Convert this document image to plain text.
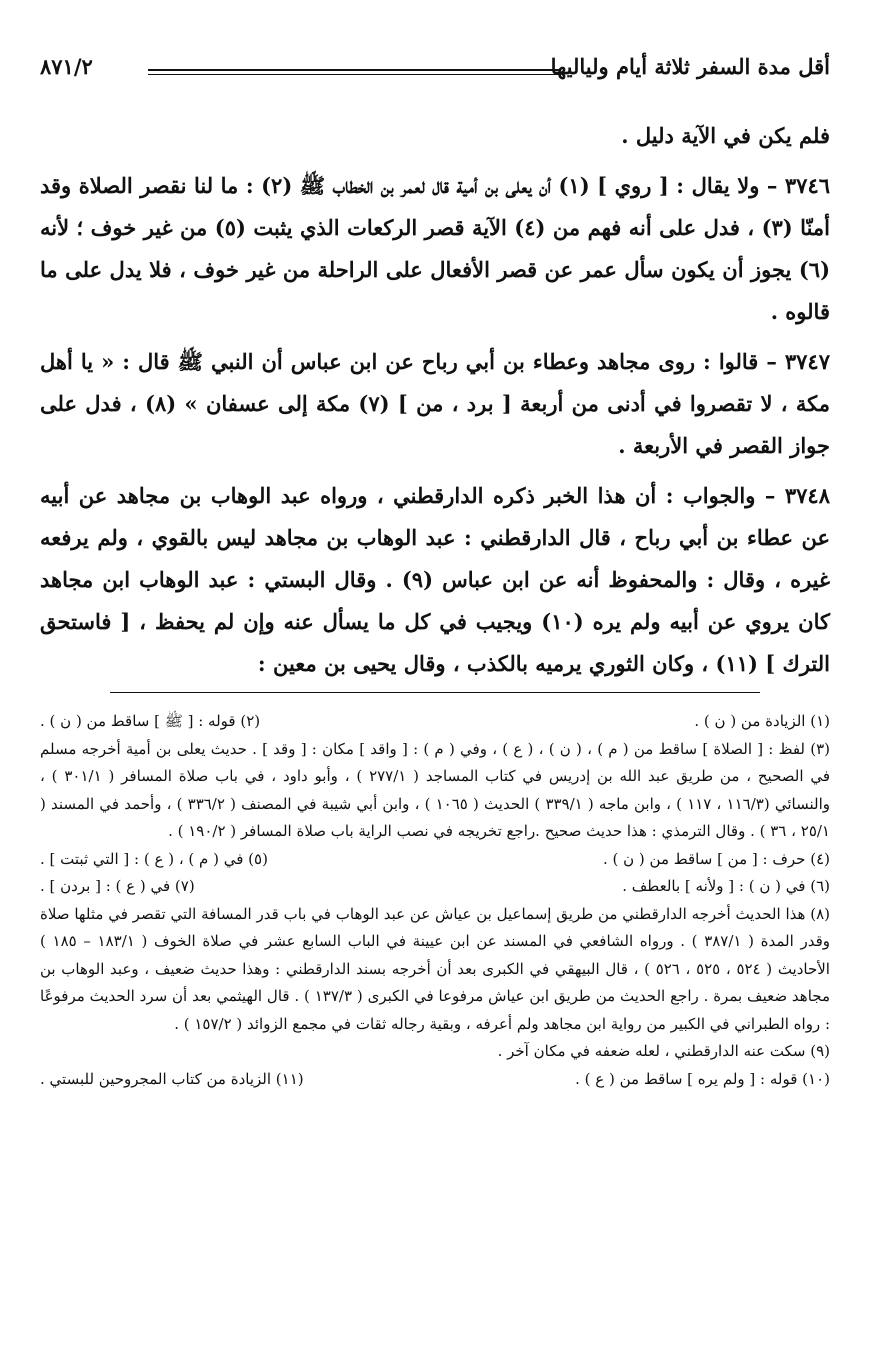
أقل مدة السفر ثلاثة أيام ولياليها
٨٧١/٢

فلم يكن في الآية دليل .

٣٧٤٦ – ولا يقال : [ روي ] (١) أن يعلى بن أمية قال لعمر بن الخطاب ﷺ (٢) : ما لنا نقصر الصلاة وقد أمنّا (٣) ، فدل على أنه فهم من (٤) الآية قصر الركعات الذي يثبت (٥) من غير خوف ؛ لأنه (٦) يجوز أن يكون سأل عمر عن قصر الأفعال على الراحلة من غير خوف ، فلا يدل على ما قالوه .

٣٧٤٧ – قالوا : روى مجاهد وعطاء بن أبي رباح عن ابن عباس أن النبي ﷺ قال : « يا أهل مكة ، لا تقصروا في أدنى من أربعة [ برد ، من ] (٧) مكة إلى عسفان » (٨) ، فدل على جواز القصر في الأربعة .

٣٧٤٨ – والجواب : أن هذا الخبر ذكره الدارقطني ، ورواه عبد الوهاب بن مجاهد عن أبيه عن عطاء بن أبي رباح ، قال الدارقطني : عبد الوهاب بن مجاهد ليس بالقوي ، ولم يرفعه غيره ، وقال : والمحفوظ أنه عن ابن عباس (٩) . وقال البستي : عبد الوهاب ابن مجاهد كان يروي عن أبيه ولم يره (١٠) ويجيب في كل ما يسأل عنه وإن لم يحفظ ، [ فاستحق الترك ] (١١) ، وكان الثوري يرميه بالكذب ، وقال يحيى بن معين :

(١) الزيادة من ( ن ) .
(٢) قوله : [ ﷺ ] ساقط من ( ن ) .

(٣) لفظ : [ الصلاة ] ساقط من ( م ) ، ( ن ) ، ( ع ) ، وفي ( م ) : [ واقد ] مكان : [ وقد ] . حديث يعلى بن أمية أخرجه مسلم في الصحيح ، من طريق عبد الله بن إدريس في كتاب المساجد ( ٢٧٧/١ ) ، وأبو داود ، في باب صلاة المسافر ( ٣٠١/١ ) ، والنسائي (١١٦/٣ ، ١١٧ ) ، وابن ماجه ( ٣٣٩/١ ) الحديث ( ١٠٦٥ ) ، وابن أبي شيبة في المصنف ( ٣٣٦/٢ ) ، وأحمد في المسند ( ٢٥/١ ، ٣٦ ) . وقال الترمذي : هذا حديث صحيح .راجع تخريجه في نصب الراية باب صلاة المسافر ( ١٩٠/٢ ) .

(٤) حرف : [ من ] ساقط من ( ن ) .
(٥) في ( م ) ، ( ع ) : [ التي ثبتت ] .
(٦) في ( ن ) : [ ولأنه ] بالعطف .
(٧) في ( ع ) : [ بردن ] .

(٨) هذا الحديث أخرجه الدارقطني من طريق إسماعيل بن عياش عن عبد الوهاب في باب قدر المسافة التي تقصر في مثلها صلاة وقدر المدة ( ٣٨٧/١ ) . ورواه الشافعي في المسند عن ابن عيينة في الباب السابع عشر في صلاة الخوف ( ١٨٣/١ – ١٨٥ ) الأحاديث ( ٥٢٤ ، ٥٢٥ ، ٥٢٦ ) ، قال البيهقي في الكبرى بعد أن أخرجه بسند الدارقطني : وهذا حديث ضعيف ، وعبد الوهاب بن مجاهد ضعيف بمرة . راجع الحديث من طريق ابن عياش مرفوعا في الكبرى ( ١٣٧/٣ ) . قال الهيثمي بعد أن سرد الحديث مرفوعًا : رواه الطبراني في الكبير من رواية ابن مجاهد ولم أعرفه ، وبقية رجاله ثقات في مجمع الزوائد ( ١٥٧/٢ ) .

(٩) سكت عنه الدارقطني ، لعله ضعفه في مكان آخر .

(١٠) قوله : [ ولم يره ] ساقط من ( ع ) .
(١١) الزيادة من كتاب المجروحين للبستي .
